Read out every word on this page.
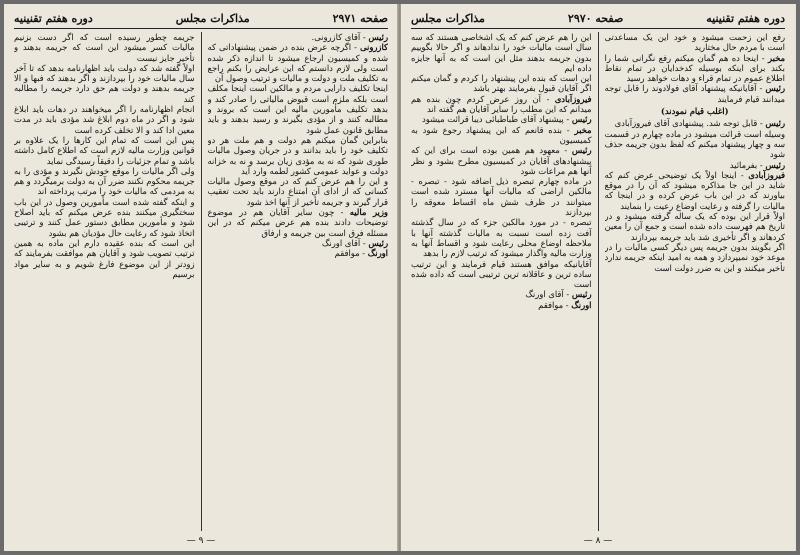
صفحه ۲۹۷۱
مذاکرات مجلس
دوره هفتم تقنینیه

رئیس - آقای کازرونی.

کازرونی - اگرچه عرض بنده در ضمن پیشنهاداتی که شده و کمیسیون ارجاع میشود تا اندازه ذکر شده است ولی لازم دانستم که این عرایض را بکنم راجع به تکلیف ملت و دولت و مالیات و ترتیب وصول آن

اینجا تکلیف دارایی مردم و مالکین است اینجا مکلف است بلکه ملزم است قبوض مالیاتی را صادر کند و بدهد تکلیف مأمورین مالیه این است که بروند و مطالبه کنند و از مؤدی بگیرند و رسید بدهند و باید مطابق قانون عمل شود

بنابراین گمان میکنم هم دولت و هم ملت هر دو تکلیف خود را باید بدانند و در جریان وصول مالیات طوری شود که نه به مؤدی زیان برسد و نه به خزانه دولت و عواید عمومی کشور لطمه وارد آید

و این را هم عرض کنم که در موقع وصول مالیات کسانی که از ادای آن امتناع دارند باید تحت تعقیب قرار گیرند و جریمه تأخیر از آنها اخذ شود

وزیر مالیه - چون سایر آقایان هم در موضوع توضیحات دادند بنده هم عرض میکنم که در این مسئله فرق است بین جریمه و ارفاق

رئیس - آقای اورنگ

اورنگ - موافقم

جریمه چطور رسیده است که اگر دست بزنیم مالیات کسر میشود این است که جریمه بدهند و تأخیر جایز نیست

اولاً گفته شد که دولت باید اظهارنامه بدهد که تا آخر سال مالیات خود را بپردازند و اگر بدهند که فبها و الا جریمه بدهند و دولت هم حق دارد جریمه را مطالبه کند

انجام اظهارنامه را اگر میخواهند در دهات باید ابلاغ شود و اگر در ماه دوم ابلاغ شد مؤدی باید در مدت معین ادا کند و الا تخلف کرده است

پس این است که تمام این کارها را یک علاوه بر قوانین وزارت مالیه لازم است که اطلاع کامل داشته باشد و تمام جزئیات را دقیقاً رسیدگی نماید

ولی اگر مالیات را موقع خودش نگیرند و مؤدی را به جریمه محکوم نکنند ضرر آن به دولت برمیگردد و هم به مردمی که مالیات خود را مرتب پرداخته اند

و اینکه گفته شده است مأمورین وصول در این باب سختگیری میکنند بنده عرض میکنم که باید اصلاح شود و مأمورین مطابق دستور عمل کنند و ترتیبی اتخاذ شود که رعایت حال مؤدیان هم بشود

این است که بنده عقیده دارم این ماده به همین ترتیب تصویب شود و آقایان هم موافقت بفرمایند که زودتر از این موضوع فارغ شویم و به سایر مواد برسیم

— ۹ —
دوره هفتم تقنینیه
صفحه ۲۹۷۰
مذاکرات مجلس

رفع این زحمت میشود و خود این یک مساعدتی است با مردم حال مختارید

مخبر - اینجا ده هم گمان میکنم رفع نگرانی شما را بکند برای اینکه بوسیله کدخدایان در تمام نقاط اطلاع عموم در تمام قراء و دهات خواهد رسید

رئیس - آقایانیکه پیشنهاد آقای فولادوند را قابل توجه میدانند قیام فرمایند

(اغلب قیام نمودند)

رئیس - قابل توجه شد. پیشنهادی آقای فیروزآبادی

وسیله است قرائت میشود در ماده چهارم در قسمت سه و چهار پیشنهاد میکنم که لفظ بدون جریمه حذف شود

رئیس - بفرمائید

فیروزآبادی - اینجا اولاً یک توضیحی عرض کنم که شاید در این جا مذاکره میشود که آن را در موقع بیاورند که در این باب عرض کرده و در اینجا که مالیات را گرفته و رعایت اوضاع رعیت را بنمایند

اولاً قرار این بوده که یک ساله گرفته میشود و در تاریخ هم فهرست داده شده است و جمع آن را معین کردهاند و اگر تأخیری شد باید جریمه بپردازند

اگر بگویند بدون جریمه پس دیگر کسی مالیات را در موعد خود نمیپردازد و همه به امید اینکه جریمه ندارد تأخیر میکنند و این به ضرر دولت است

این را هم عرض کنم که یک اشخاصی هستند که سه سال است مالیات خود را ندادهاند و اگر حالا بگوییم بدون جریمه بدهند مثل این است که به آنها جایزه داده ایم

این است که بنده این پیشنهاد را کردم و گمان میکنم اگر آقایان قبول بفرمایند بهتر باشد

فیروزآبادی - آن روز عرض کردم چون بنده هم میدانم که این مطلب را سایر آقایان هم گفته اند

رئیس - پیشنهاد آقای طباطبائی دیبا قرائت میشود

مخبر - بنده قانعم که این پیشنهاد رجوع شود به کمیسیون

رئیس - معهود هم همین بوده است برای این که پیشنهادهای آقایان در کمیسیون مطرح بشود و نظر آنها هم مراعات شود

در ماده چهارم تبصره ذیل اضافه شود - تبصره - مالکین اراضی که مالیات آنها مسترد شده است میتوانند در ظرف شش ماه اقساط معوقه را بپردازند

تبصره - در مورد مالکین جزء که در سال گذشته آفت زده است نسبت به مالیات گذشته آنها با ملاحظه اوضاع محلی رعایت شود و اقساط آنها به وزارت مالیه واگذار میشود که ترتیب لازم را بدهد

آقایانیکه موافق هستند قیام فرمایند و این ترتیب ساده ترین و عاقلانه ترین ترتیبی است که داده شده است

رئیس - آقای اورنگ

اورنگ - موافقم

— ۸ —
